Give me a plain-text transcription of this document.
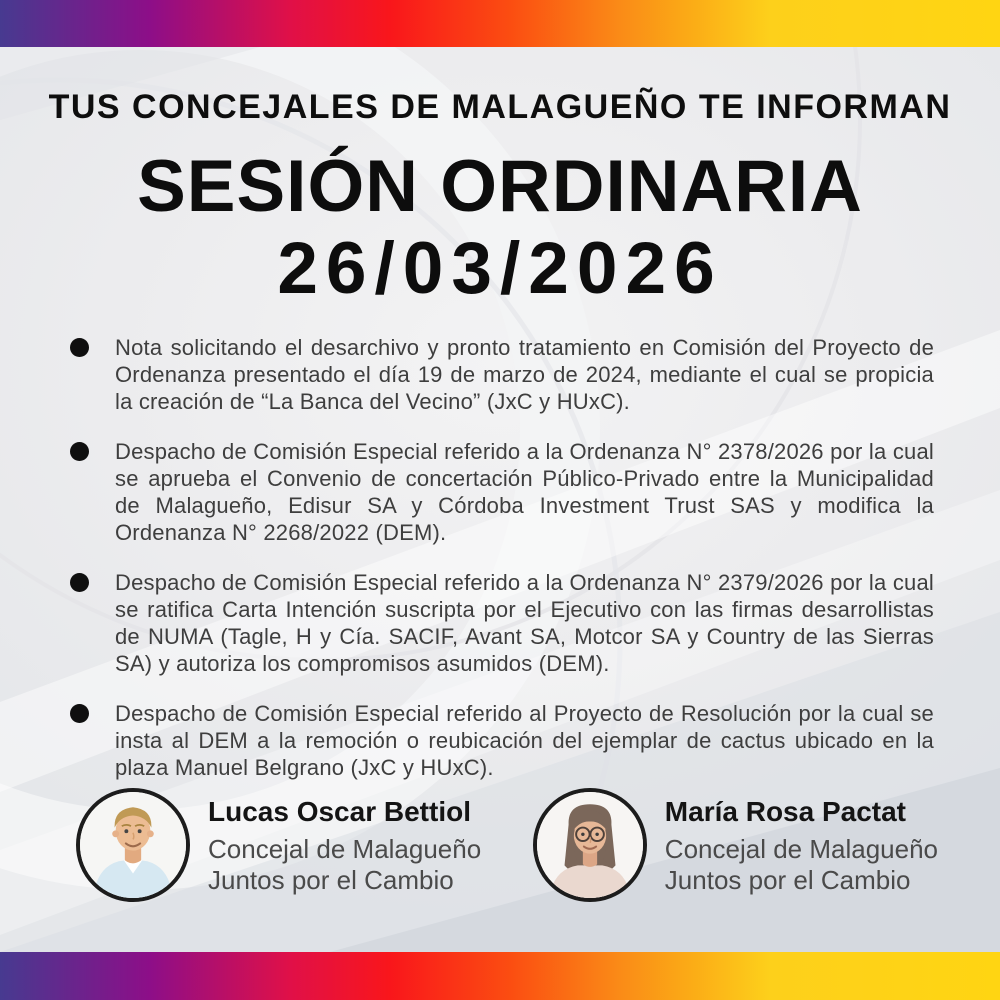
TUS CONCEJALES DE MALAGUEÑO TE INFORMAN
SESIÓN ORDINARIA
26/03/2026
Nota solicitando el desarchivo y pronto tratamiento en Comisión del Proyecto de Ordenanza presentado el día 19 de marzo de 2024, mediante el cual se propicia la creación de “La Banca del Vecino” (JxC y HUxC).
Despacho de Comisión Especial referido a la Ordenanza N° 2378/2026 por la cual se aprueba el Convenio de concertación Público-Privado entre la Municipalidad de Malagueño, Edisur SA y Córdoba Investment Trust SAS y modifica la Ordenanza N° 2268/2022 (DEM).
Despacho de Comisión Especial referido a la Ordenanza N° 2379/2026 por la cual se ratifica Carta Intención suscripta por el Ejecutivo con las firmas desarrollistas de NUMA (Tagle, H y Cía. SACIF, Avant SA, Motcor SA y Country de las Sierras SA) y autoriza los compromisos asumidos (DEM).
Despacho de Comisión Especial referido al Proyecto de Resolución por la cual se insta al DEM a la remoción o reubicación del ejemplar de cactus ubicado en la plaza Manuel Belgrano (JxC y HUxC).
Lucas Oscar Bettiol
Concejal de Malagueño
Juntos por el Cambio
María Rosa Pactat
Concejal de Malagueño
Juntos por el Cambio
